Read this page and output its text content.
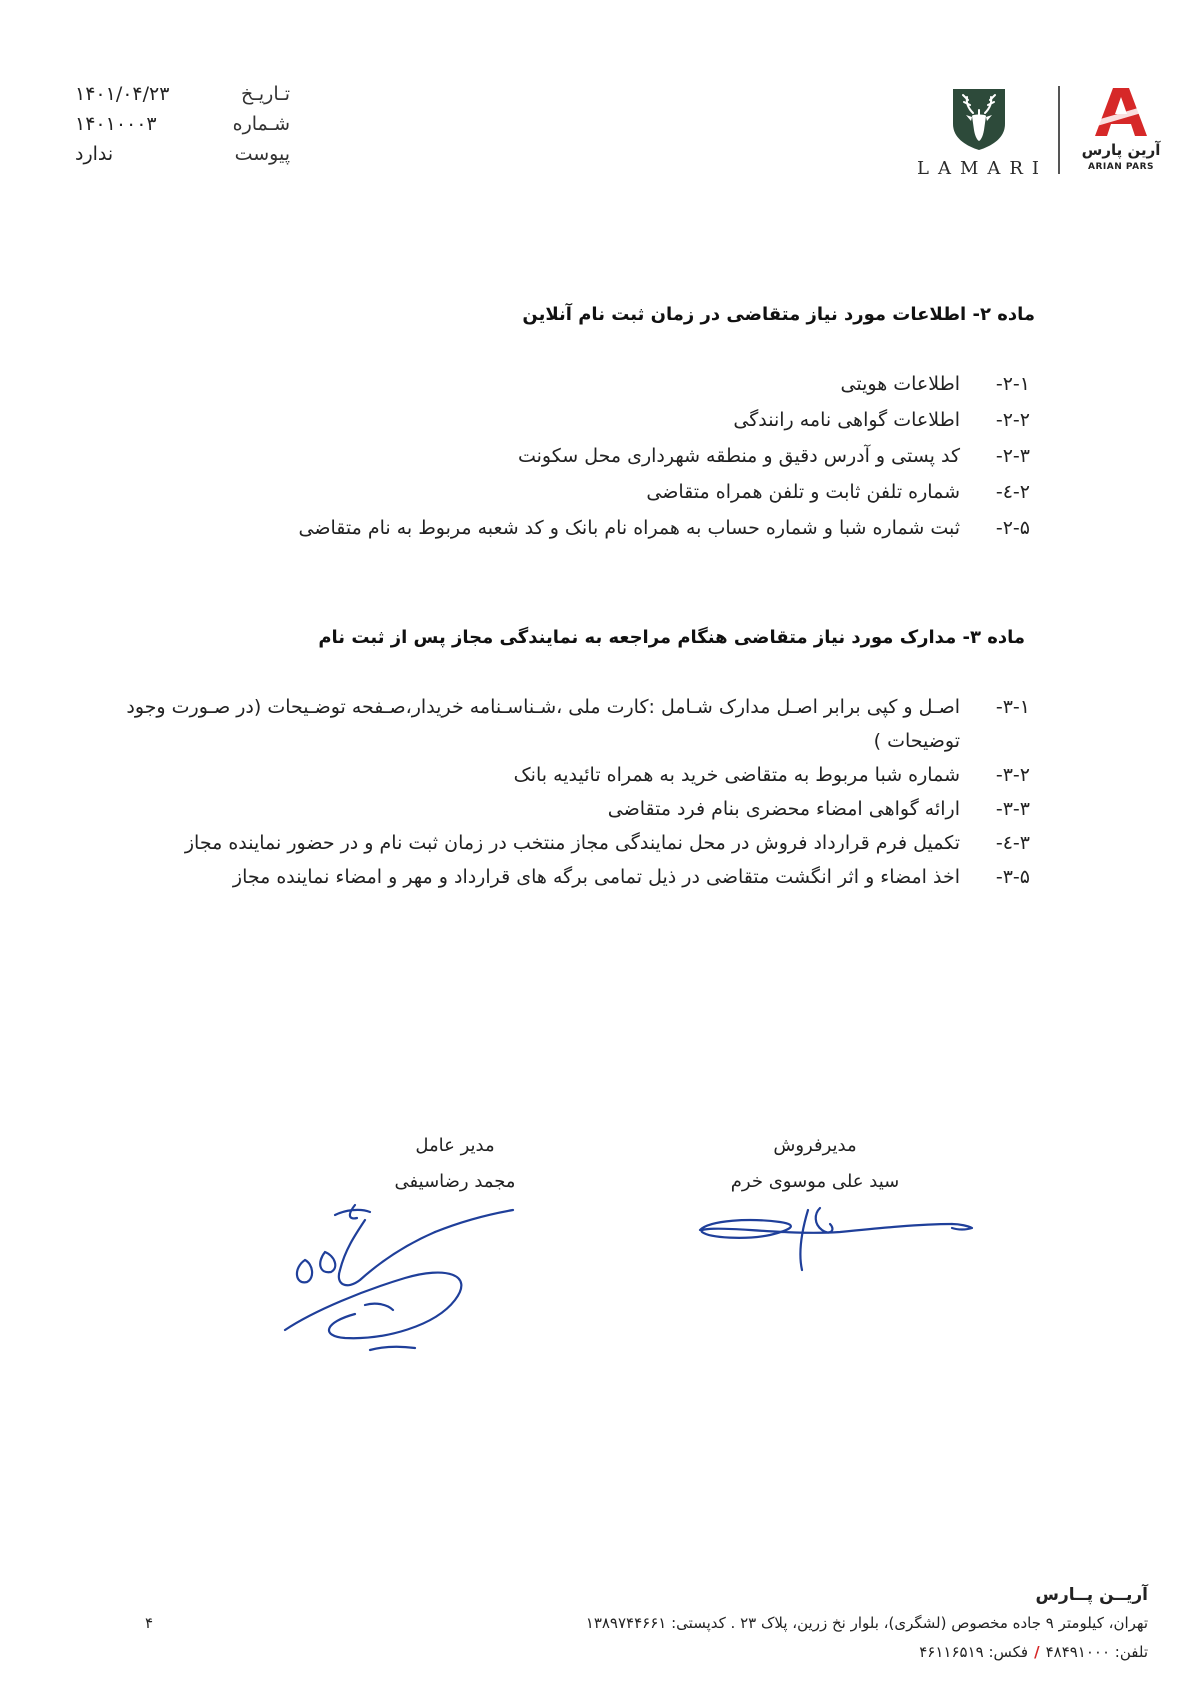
تـاریـخ
۱۴۰۱/۰۴/۲۳
شـماره
۱۴۰۱۰۰۰۳
پیوست
ندارد
LAMARI
آرین پارس
ARIAN PARS
ماده ۲- اطلاعات مورد نیاز متقاضی در زمان ثبت نام آنلاین
۲-۱-
اطلاعات هویتی
۲-۲-
اطلاعات گواهی نامه رانندگی
۲-۳-
کد پستی و آدرس دقیق و منطقه شهرداری محل سکونت
۲-٤-
شماره تلفن ثابت و تلفن همراه متقاضی
۲-۵-
ثبت شماره شبا و شماره حساب به همراه نام بانک و کد شعبه مربوط به نام متقاضی
ماده ۳- مدارک مورد نیاز متقاضی هنگام مراجعه به نمایندگی مجاز پس از ثبت نام
۳-۱-
اصـل و کپی برابر اصـل مدارک شـامل :کارت ملی ،شـناسـنامه خریدار،صـفحه توضـیحات (در صـورت وجود
توضیحات )
۳-۲-
شماره شبا مربوط به متقاضی خرید به همراه تائیدیه بانک
۳-۳-
ارائه گواهی امضاء محضری بنام فرد متقاضی
۳-٤-
تکمیل فرم قرارداد فروش در محل نمایندگی مجاز منتخب در زمان ثبت نام و در حضور نماینده مجاز
۳-۵-
اخذ امضاء و اثر انگشت متقاضی در ذیل تمامی برگه های قرارداد و مهر و امضاء نماینده مجاز
مدیرفروش
سید علی موسوی خرم
مدیر عامل
مجمد رضاسیفی
آریــن پــارس
تهران، کیلومتر ۹ جاده مخصوص (لشگری)، بلوار نخ زرین، پلاک ۲۳ . کدپستی: ۱۳۸۹۷۴۴۶۶۱
تلفن: ۴۸۴۹۱۰۰۰
/
فکس: ۴۶۱۱۶۵۱۹
۴
